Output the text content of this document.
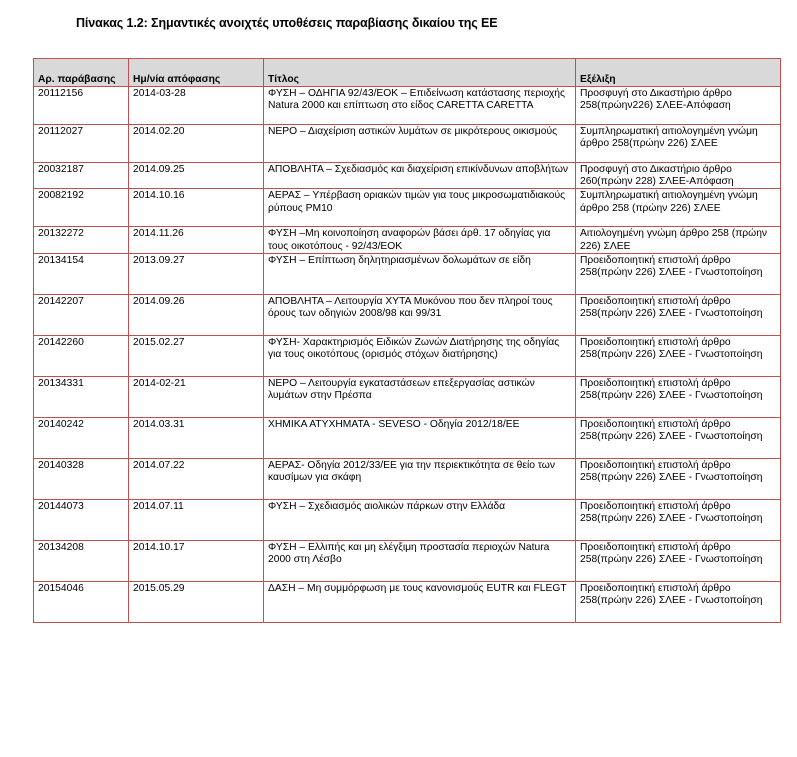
Πίνακας 1.2: Σημαντικές ανοιχτές υποθέσεις παραβίασης δικαίου της ΕΕ
Αρ. παράβασης	Ημ/νία απόφασης	Τίτλος	Εξέλιξη
20112156	2014-03-28	ΦΥΣΗ – ΟΔΗΓΙΑ 92/43/ΕΟΚ – Επιδείνωση κατάστασης περιοχής Natura 2000 και επίπτωση στο είδος CARETTA CARETTA	Προσφυγή στο Δικαστήριο άρθρο 258(πρώην226) ΣΛΕΕ-Απόφαση
20112027	2014.02.20	ΝΕΡΟ – Διαχείριση αστικών λυμάτων σε μικρότερους οικισμούς	Συμπληρωματική αιτιολογημένη γνώμη άρθρο 258(πρώην 226) ΣΛΕΕ
20032187	2014.09.25	ΑΠΟΒΛΗΤΑ – Σχεδιασμός και διαχείριση επικίνδυνων αποβλήτων	Προσφυγή στο Δικαστήριο άρθρο 260(πρώην 228) ΣΛΕΕ-Απόφαση
20082192	2014.10.16	ΑΕΡΑΣ – Υπέρβαση οριακών τιμών για τους μικροσωματιδιακούς ρύπους ΡΜ10	Συμπληρωματική αιτιολογημένη γνώμη άρθρο 258 (πρώην 226) ΣΛΕΕ
20132272	2014.11.26	ΦΥΣΗ –Μη κοινοποίηση αναφορών βάσει άρθ. 17 οδηγίας για τους οικοτόπους - 92/43/ΕΟΚ	Αιτιολογημένη γνώμη άρθρο 258 (πρώην 226) ΣΛΕΕ
20134154	2013.09.27	ΦΥΣΗ – Επίπτωση δηλητηριασμένων δολωμάτων σε είδη	Προειδοποιητική επιστολή άρθρο 258(πρώην 226) ΣΛΕΕ - Γνωστοποίηση
20142207	2014.09.26	ΑΠΟΒΛΗΤΑ – Λειτουργία ΧΥΤΑ Μυκόνου που δεν πληροί τους όρους των οδηγιών 2008/98 και 99/31	Προειδοποιητική επιστολή άρθρο 258(πρώην 226) ΣΛΕΕ - Γνωστοποίηση
20142260	2015.02.27	ΦΥΣΗ- Χαρακτηρισμός Ειδικών Ζωνών Διατήρησης της οδηγίας για τους οικοτόπους (ορισμός στόχων διατήρησης)	Προειδοποιητική επιστολή άρθρο 258(πρώην 226) ΣΛΕΕ - Γνωστοποίηση
20134331	2014-02-21	ΝΕΡΟ – Λειτουργία εγκαταστάσεων επεξεργασίας αστικών λυμάτων στην Πρέσπα	Προειδοποιητική επιστολή άρθρο 258(πρώην 226) ΣΛΕΕ - Γνωστοποίηση
20140242	2014.03.31	ΧΗΜΙΚΑ ΑΤΥΧΗΜΑΤΑ - SEVESO - Οδηγία 2012/18/ΕΕ	Προειδοποιητική επιστολή άρθρο 258(πρώην 226) ΣΛΕΕ - Γνωστοποίηση
20140328	2014.07.22	ΑΕΡΑΣ- Οδηγία 2012/33/ΕΕ για την περιεκτικότητα σε θείο των καυσίμων για σκάφη	Προειδοποιητική επιστολή άρθρο 258(πρώην 226) ΣΛΕΕ - Γνωστοποίηση
20144073	2014.07.11	ΦΥΣΗ – Σχεδιασμός αιολικών πάρκων στην Ελλάδα	Προειδοποιητική επιστολή άρθρο 258(πρώην 226) ΣΛΕΕ - Γνωστοποίηση
20134208	2014.10.17	ΦΥΣΗ – Ελλιπής και μη ελέγξιμη προστασία περιοχών Natura 2000 στη Λέσβο	Προειδοποιητική επιστολή άρθρο 258(πρώην 226) ΣΛΕΕ - Γνωστοποίηση
20154046	2015.05.29	ΔΑΣΗ – Μη συμμόρφωση με τους κανονισμούς EUTR και FLEGT	Προειδοποιητική επιστολή άρθρο 258(πρώην 226) ΣΛΕΕ - Γνωστοποίηση
